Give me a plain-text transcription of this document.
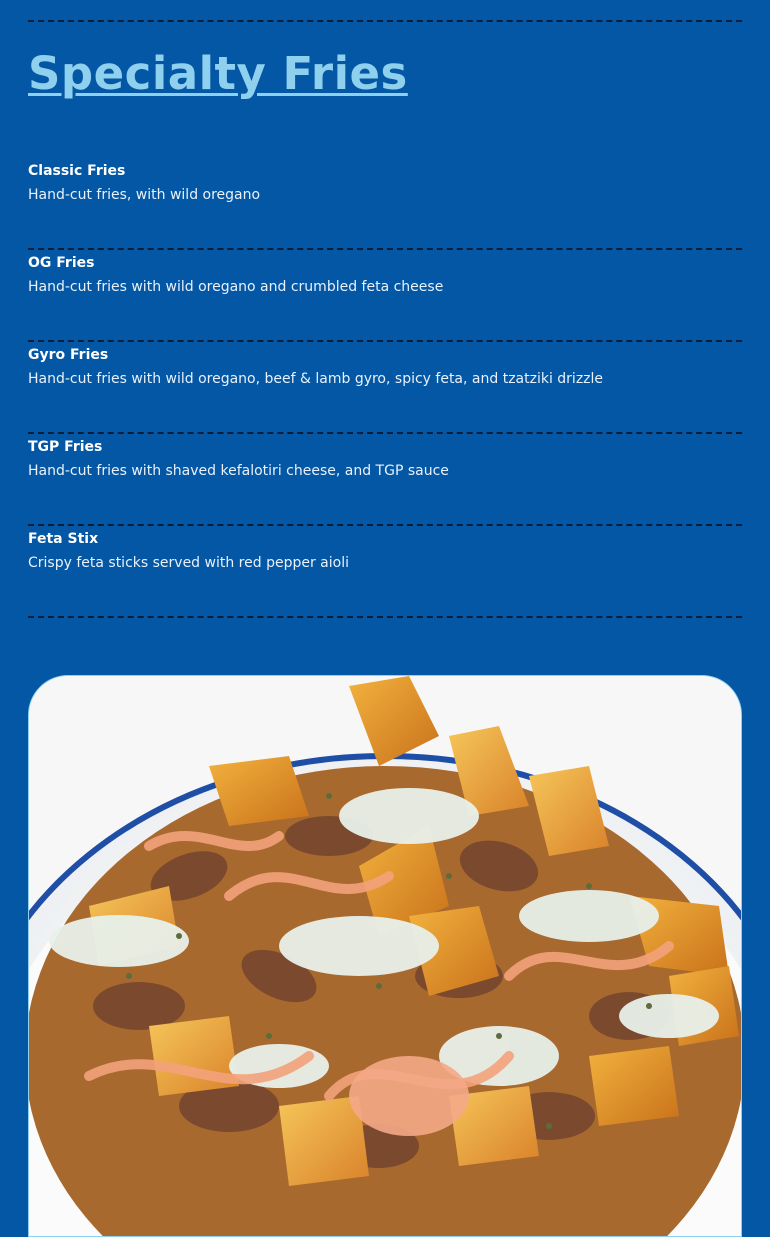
Specialty Fries
Classic Fries
Hand-cut fries, with wild oregano
OG Fries
Hand-cut fries with wild oregano and crumbled feta cheese
Gyro Fries
Hand-cut fries with wild oregano, beef & lamb gyro, spicy feta, and tzatziki drizzle
TGP Fries
Hand-cut fries with shaved kefalotiri cheese, and TGP sauce
Feta Stix
Crispy feta sticks served with red pepper aioli
